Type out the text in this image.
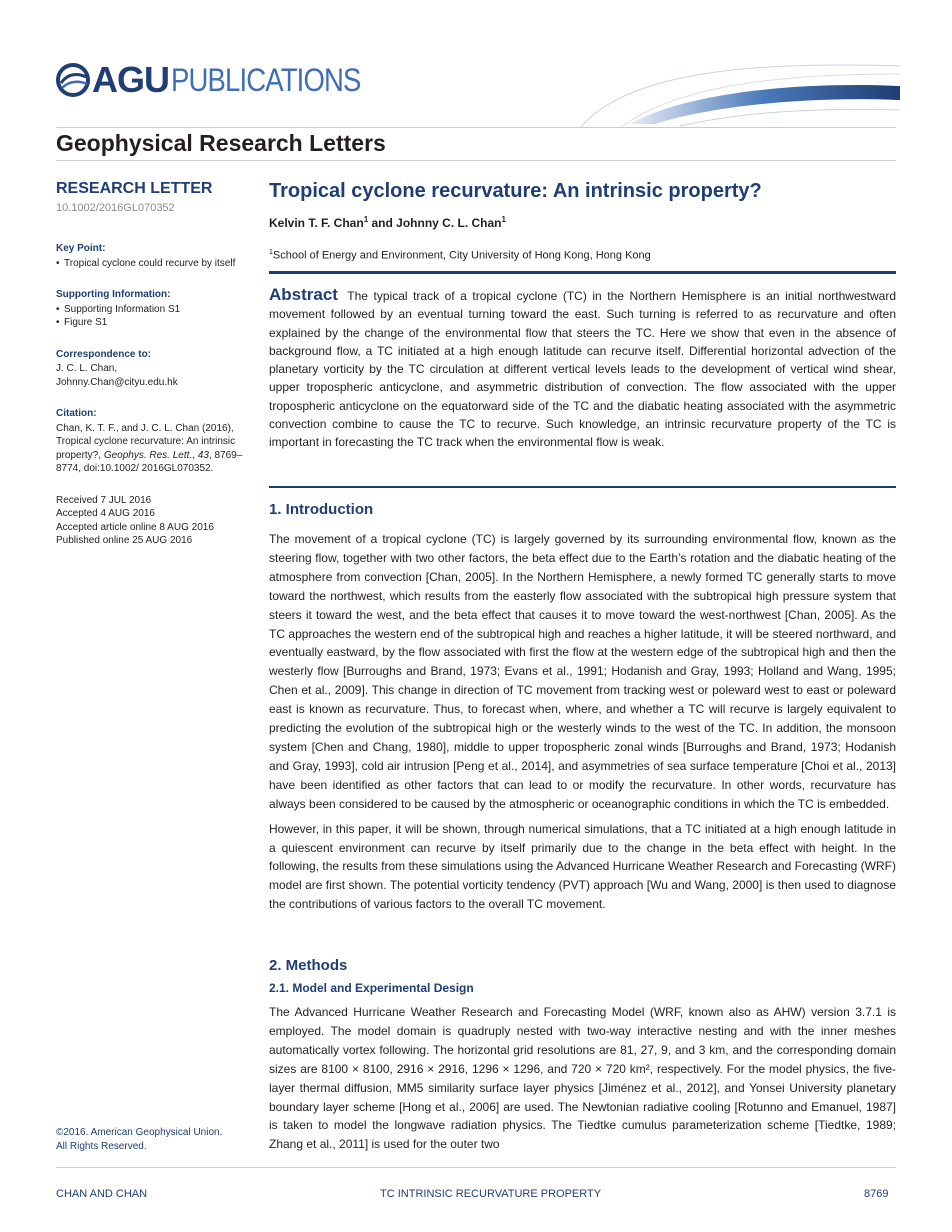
AGU PUBLICATIONS
Geophysical Research Letters
RESEARCH LETTER
10.1002/2016GL070352
Key Point:
• Tropical cyclone could recurve by itself
Supporting Information:
• Supporting Information S1
• Figure S1
Correspondence to:
J. C. L. Chan,
Johnny.Chan@cityu.edu.hk
Citation:
Chan, K. T. F., and J. C. L. Chan (2016), Tropical cyclone recurvature: An intrinsic property?, Geophys. Res. Lett., 43, 8769–8774, doi:10.1002/ 2016GL070352.
Received 7 JUL 2016
Accepted 4 AUG 2016
Accepted article online 8 AUG 2016
Published online 25 AUG 2016
©2016. American Geophysical Union.
All Rights Reserved.
Tropical cyclone recurvature: An intrinsic property?
Kelvin T. F. Chan$^1$ and Johnny C. L. Chan$^1$
$^1$School of Energy and Environment, City University of Hong Kong, Hong Kong
Abstract The typical track of a tropical cyclone (TC) in the Northern Hemisphere is an initial northwestward movement followed by an eventual turning toward the east. Such turning is referred to as recurvature and often explained by the change of the environmental flow that steers the TC. Here we show that even in the absence of background flow, a TC initiated at a high enough latitude can recurve itself. Differential horizontal advection of the planetary vorticity by the TC circulation at different vertical levels leads to the development of vertical wind shear, upper tropospheric anticyclone, and asymmetric distribution of convection. The flow associated with the upper tropospheric anticyclone on the equatorward side of the TC and the diabatic heating associated with the asymmetric convection combine to cause the TC to recurve. Such knowledge, an intrinsic recurvature property of the TC is important in forecasting the TC track when the environmental flow is weak.
1. Introduction

The movement of a tropical cyclone (TC) is largely governed by its surrounding environmental flow, known as the steering flow, together with two other factors, the beta effect due to the Earth’s rotation and the diabatic heating of the atmosphere from convection [Chan, 2005]. In the Northern Hemisphere, a newly formed TC generally starts to move toward the northwest, which results from the easterly flow associated with the subtropical high pressure system that steers it toward the west, and the beta effect that causes it to move toward the west-northwest [Chan, 2005]. As the TC approaches the western end of the subtropical high and reaches a higher latitude, it will be steered northward, and eventually eastward, by the flow associated with first the flow at the western edge of the subtropical high and then the westerly flow [Burroughs and Brand, 1973; Evans et al., 1991; Hodanish and Gray, 1993; Holland and Wang, 1995; Chen et al., 2009]. This change in direction of TC movement from tracking west or poleward west to east or poleward east is known as recurvature. Thus, to forecast when, where, and whether a TC will recurve is largely equivalent to predicting the evolution of the subtropical high or the westerly winds to the west of the TC. In addition, the monsoon system [Chen and Chang, 1980], middle to upper tropospheric zonal winds [Burroughs and Brand, 1973; Hodanish and Gray, 1993], cold air intrusion [Peng et al., 2014], and asymmetries of sea surface temperature [Choi et al., 2013] have been identified as other factors that can lead to or modify the recurvature. In other words, recurvature has always been considered to be caused by the atmospheric or oceanographic conditions in which the TC is embedded.

However, in this paper, it will be shown, through numerical simulations, that a TC initiated at a high enough latitude in a quiescent environment can recurve by itself primarily due to the change in the beta effect with height. In the following, the results from these simulations using the Advanced Hurricane Weather Research and Forecasting (WRF) model are first shown. The potential vorticity tendency (PVT) approach [Wu and Wang, 2000] is then used to diagnose the contributions of various factors to the overall TC movement.

2. Methods
2.1. Model and Experimental Design

The Advanced Hurricane Weather Research and Forecasting Model (WRF, known also as AHW) version 3.7.1 is employed. The model domain is quadruply nested with two-way interactive nesting and with the inner meshes automatically vortex following. The horizontal grid resolutions are 81, 27, 9, and 3 km, and the corresponding domain sizes are 8100 × 8100, 2916 × 2916, 1296 × 1296, and 720 × 720 km², respectively. For the model physics, the five-layer thermal diffusion, MM5 similarity surface layer physics [Jiménez et al., 2012], and Yonsei University planetary boundary layer scheme [Hong et al., 2006] are used. The Newtonian radiative cooling [Rotunno and Emanuel, 1987] is taken to model the longwave radiation physics. The Tiedtke cumulus parameterization scheme [Tiedtke, 1989; Zhang et al., 2011] is used for the outer two

CHAN AND CHAN	TC INTRINSIC RECURVATURE PROPERTY	8769
